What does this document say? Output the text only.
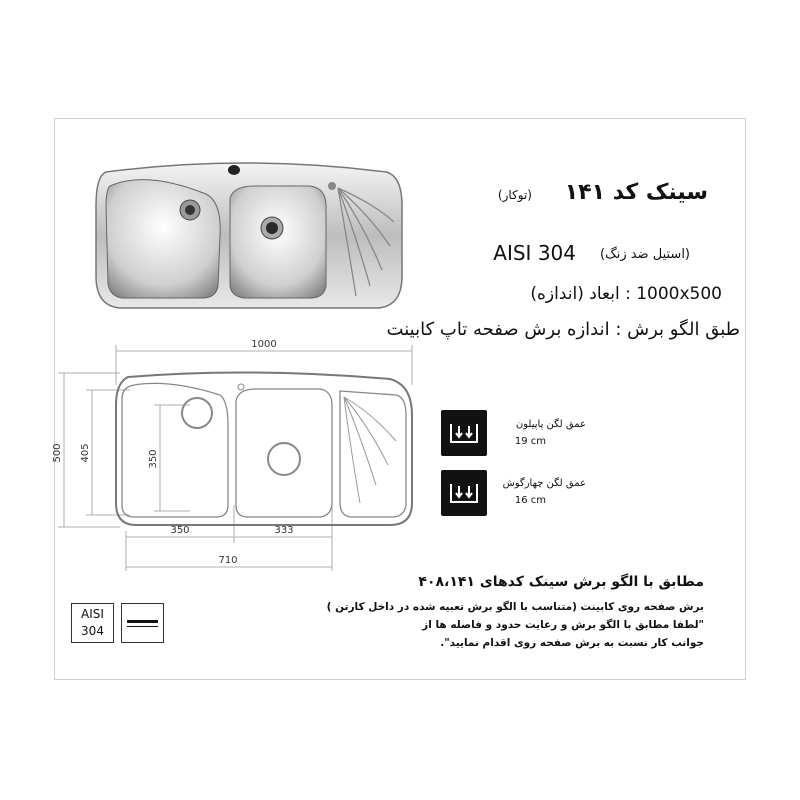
سینک کد ۱۴۱
(توکار)
AISI 304 (استیل ضد زنگ)
1000x500 : ابعاد (اندازه)
طبق الگو برش : اندازه برش صفحه تاپ کابینت
1000
500 405	350
350	333
710
عمق لگن پاپیلون
19 cm
عمق لگن چهارگوش
16 cm
مطابق با الگو برش سینک کدهای ۴۰۸،۱۴۱
برش صفحه روی کابینت (متناسب با الگو برش تعبیه شده در داخل کارتن )
"لطفا مطابق با الگو برش و رعایت حدود و فاصله ها از
جوانب کار نسبت به برش صفحه روی اقدام نمایید".
AISI
304
